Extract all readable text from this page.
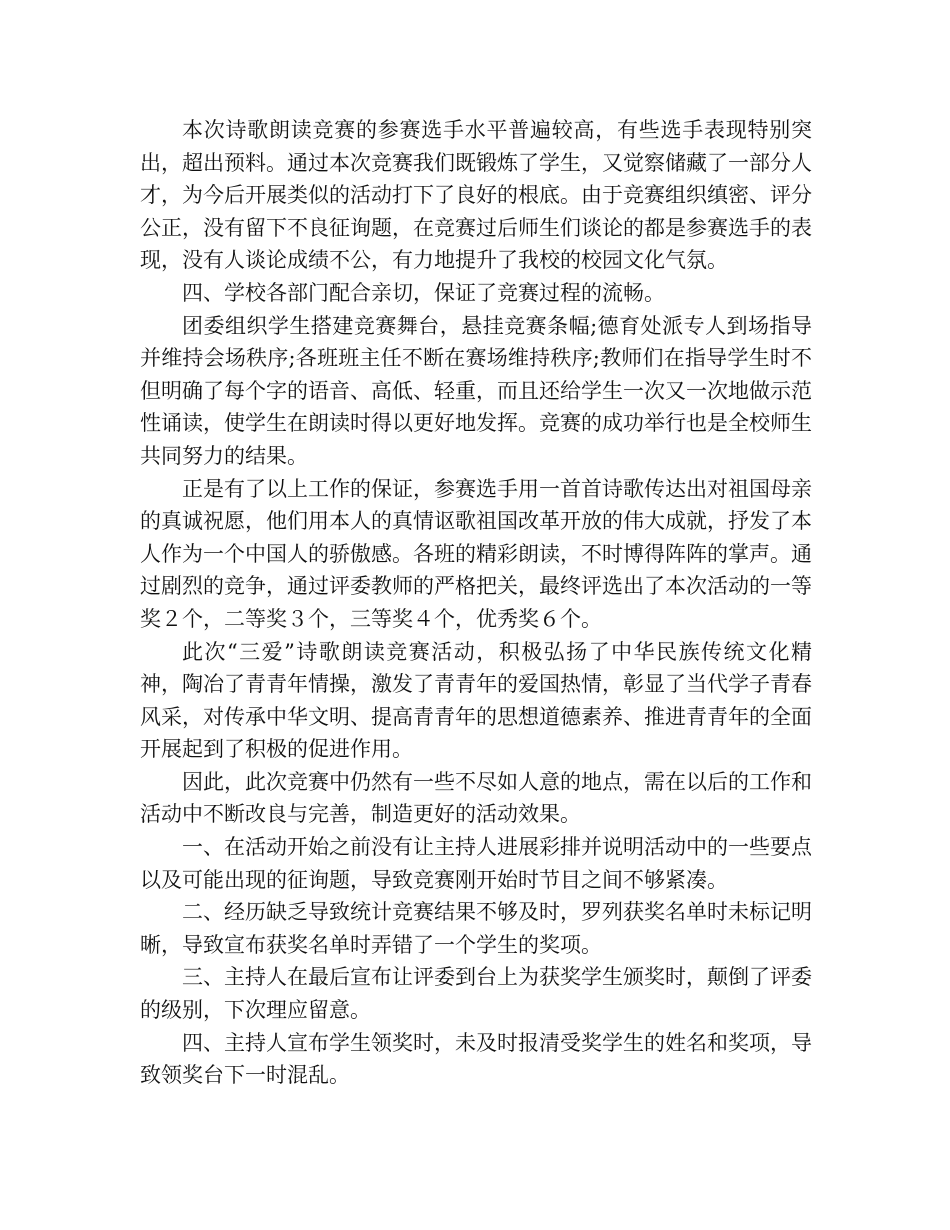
本次诗歌朗读竞赛的参赛选手水平普遍较高，有些选手表现特别突出，超出预料。通过本次竞赛我们既锻炼了学生，又觉察储藏了一部分人才，为今后开展类似的活动打下了良好的根底。由于竞赛组织缜密、评分公正，没有留下不良征询题，在竞赛过后师生们谈论的都是参赛选手的表现，没有人谈论成绩不公，有力地提升了我校的校园文化气氛。

四、学校各部门配合亲切，保证了竞赛过程的流畅。

团委组织学生搭建竞赛舞台，悬挂竞赛条幅;德育处派专人到场指导并维持会场秩序;各班班主任不断在赛场维持秩序;教师们在指导学生时不但明确了每个字的语音、高低、轻重，而且还给学生一次又一次地做示范性诵读，使学生在朗读时得以更好地发挥。竞赛的成功举行也是全校师生共同努力的结果。

正是有了以上工作的保证，参赛选手用一首首诗歌传达出对祖国母亲的真诚祝愿，他们用本人的真情讴歌祖国改革开放的伟大成就，抒发了本人作为一个中国人的骄傲感。各班的精彩朗读，不时博得阵阵的掌声。通过剧烈的竞争，通过评委教师的严格把关，最终评选出了本次活动的一等奖２个，二等奖３个，三等奖４个，优秀奖６个。

此次“三爱”诗歌朗读竞赛活动，积极弘扬了中华民族传统文化精神，陶冶了青青年情操，激发了青青年的爱国热情，彰显了当代学子青春风采，对传承中华文明、提高青青年的思想道德素养、推进青青年的全面开展起到了积极的促进作用。

因此，此次竞赛中仍然有一些不尽如人意的地点，需在以后的工作和活动中不断改良与完善，制造更好的活动效果。

一、在活动开始之前没有让主持人进展彩排并说明活动中的一些要点以及可能出现的征询题，导致竞赛刚开始时节目之间不够紧凑。

二、经历缺乏导致统计竞赛结果不够及时，罗列获奖名单时未标记明晰，导致宣布获奖名单时弄错了一个学生的奖项。

三、主持人在最后宣布让评委到台上为获奖学生颁奖时，颠倒了评委的级别，下次理应留意。

四、主持人宣布学生领奖时，未及时报清受奖学生的姓名和奖项，导致领奖台下一时混乱。
